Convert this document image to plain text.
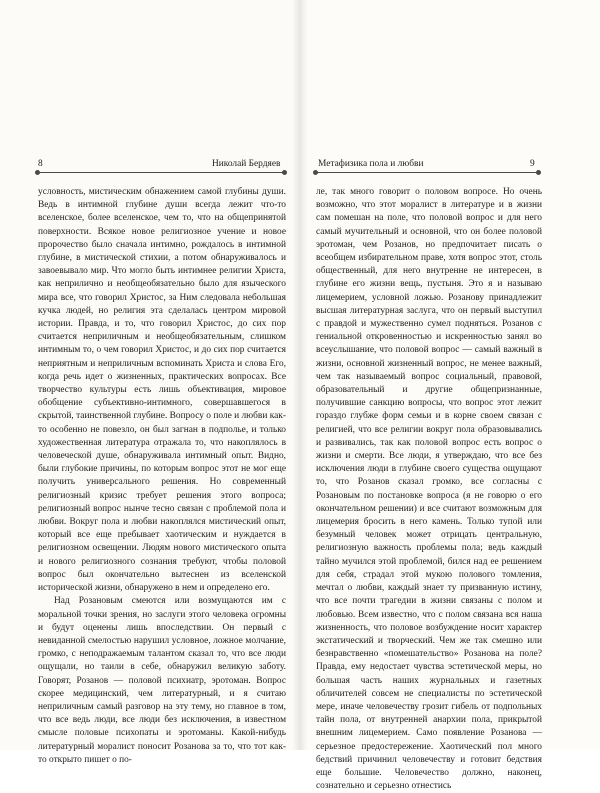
8	Николай Бердяев	Метафизика пола и любви	9

условность, мистическим обнажением самой глубины души. Ведь в интимной глубине души всегда лежит что-то вселенское, более вселенское, чем то, что на общепринятой поверхности. Всякое новое религиозное учение и новое пророчество было сначала интимно, рождалось в интимной глубине, в мистической стихии, а потом обнаруживалось и завоевывало мир. Что могло быть интимнее религии Христа, как неприлично и необщеобязательно было для языческого мира все, что говорил Христос, за Ним следовала небольшая кучка людей, но религия эта сделалась центром мировой истории. Правда, и то, что говорил Христос, до сих пор считается неприличным и необщеобязательным, слишком интимным то, о чем говорил Христос, и до сих пор считается неприятным и неприличным вспоминать Христа и слова Его, когда речь идет о жизненных, практических вопросах. Все творчество культуры есть лишь объективация, мировое обобщение субъективно-интимного, совершавшегося в скрытой, таинственной глубине. Вопросу о поле и любви как-то особенно не повезло, он был загнан в подполье, и только художественная литература отражала то, что накоплялось в человеческой душе, обнаруживала интимный опыт. Видно, были глубокие причины, по которым вопрос этот не мог еще получить универсального решения. Но современный религиозный кризис требует решения этого вопроса; религиозный вопрос нынче тесно связан с проблемой пола и любви. Вокруг пола и любви накоплялся мистический опыт, который все еще пребывает хаотическим и нуждается в религиозном освещении. Людям нового мистического опыта и нового религиозного сознания требуют, чтобы половой вопрос был окончательно вытеснен из вселенской исторической жизни, обнаружено в нем и определено его.

Над Розановым смеются или возмущаются им с моральной точки зрения, но заслуги этого человека огромны и будут оценены лишь впоследствии. Он первый с невиданной смелостью нарушил условное, ложное молчание, громко, с неподражаемым талантом сказал то, что все люди ощущали, но таили в себе, обнаружил великую заботу. Говорят, Розанов — половой психиатр, эротоман. Вопрос скорее медицинский, чем литературный, и я считаю неприличным самый разговор на эту тему, но главное в том, что все ведь люди, все люди без исключения, в известном смысле половые психопаты и эротоманы. Какой-нибудь литературный моралист поносит Розанова за то, что тот как-то открыто пишет о по-

ле, так много говорит о половом вопросе. Но очень возможно, что этот моралист в литературе и в жизни сам помешан на поле, что половой вопрос и для него самый мучительный и основной, что он более половой эротоман, чем Розанов, но предпочитает писать о всеобщем избирательном праве, хотя вопрос этот, столь общественный, для него внутренне не интересен, в глубине его жизни вещь, пустыня. Это я и называю лицемерием, условной ложью. Розанову принадлежит высшая литературная заслуга, что он первый выступил с правдой и мужественно сумел подняться. Розанов с гениальной откровенностью и искренностью занял во всеуслышание, что половой вопрос — самый важный в жизни, основной жизненный вопрос, не менее важный, чем так называемый вопрос социальный, правовой, образовательный и другие общепризнанные, получившие санкцию вопросы, что вопрос этот лежит гораздо глубже форм семьи и в корне своем связан с религией, что все религии вокруг пола образовывались и развивались, так как половой вопрос есть вопрос о жизни и смерти. Все люди, я утверждаю, что все без исключения люди в глубине своего существа ощущают то, что Розанов сказал громко, все согласны с Розановым по постановке вопроса (я не говорю о его окончательном решении) и все считают возможным для лицемерия бросить в него камень. Только тупой или безумный человек может отрицать центральную, религиозную важность проблемы пола; ведь каждый тайно мучился этой проблемой, бился над ее решением для себя, страдал этой мукою полового томления, мечтал о любви, каждый знает ту призванную истину, что все почти трагедии в жизни связаны с полом и любовью. Всем известно, что с полом связана вся наша жизненность, что половое возбуждение носит характер экстатический и творческий. Чем же так смешно или безнравственно «помешательство» Розанова на поле? Правда, ему недостает чувства эстетической меры, но большая часть наших журнальных и газетных обличителей совсем не специалисты по эстетической мере, иначе человечеству грозит гибель от подпольных тайн пола, от внутренней анархии пола, прикрытой внешним лицемерием. Само появление Розанова — серьезное предостережение. Хаотический пол много бедствий причинил человечеству и готовит бедствия еще большие. Человечество должно, наконец, сознательно и серьезно отнестись
